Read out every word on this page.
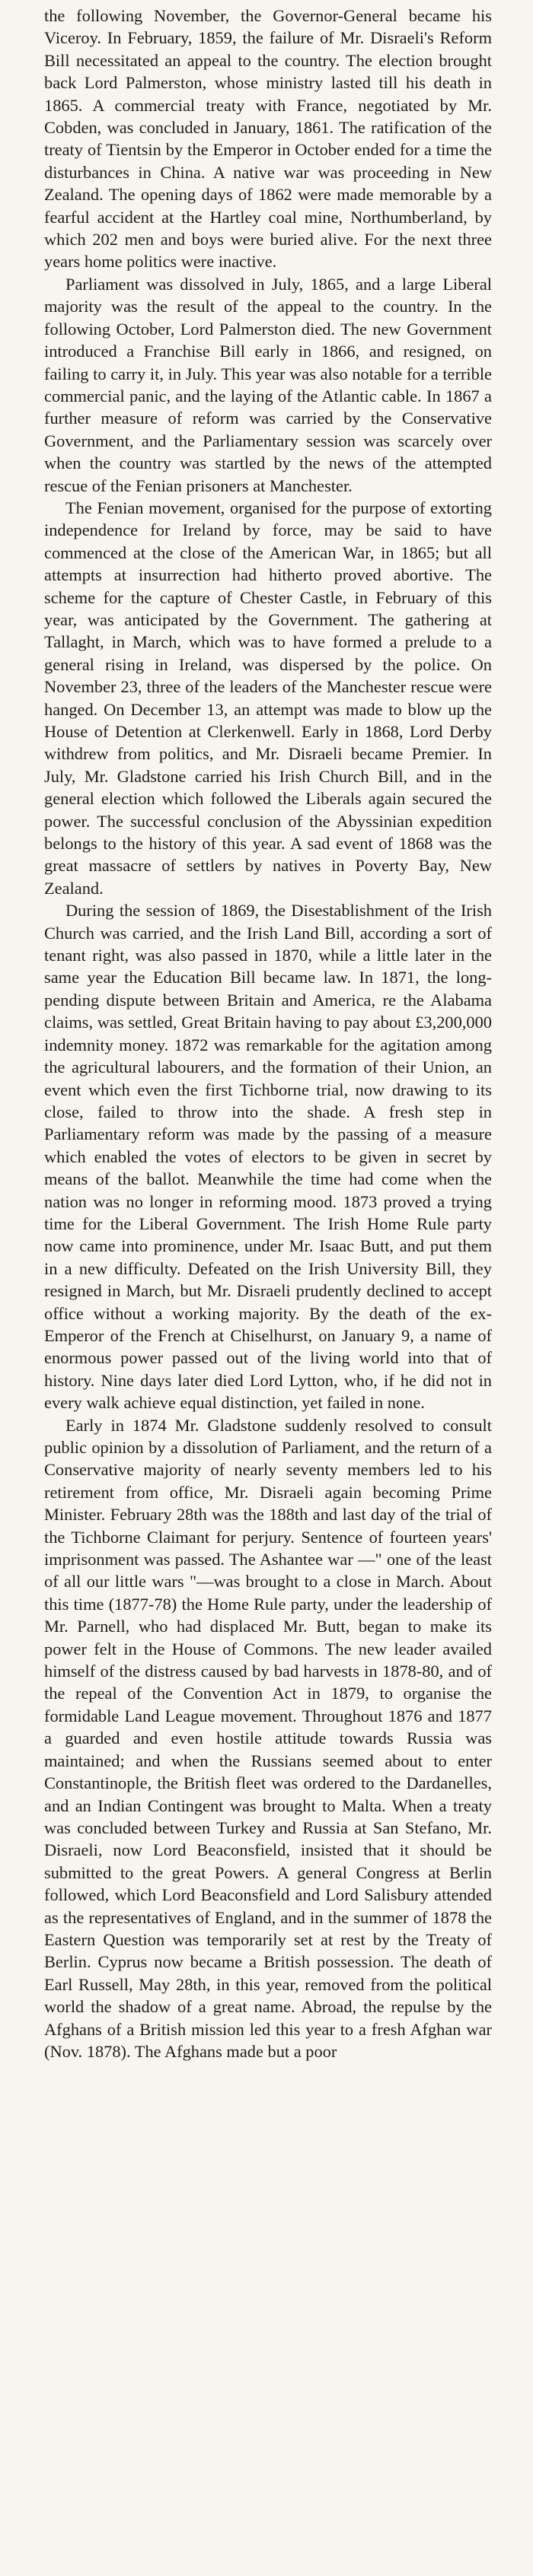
the following November, the Governor-General became his Viceroy. In February, 1859, the failure of Mr. Disraeli's Reform Bill necessitated an appeal to the country. The election brought back Lord Palmerston, whose ministry lasted till his death in 1865. A commercial treaty with France, negotiated by Mr. Cobden, was concluded in January, 1861. The ratification of the treaty of Tientsin by the Emperor in October ended for a time the disturbances in China. A native war was proceeding in New Zealand. The opening days of 1862 were made memorable by a fearful accident at the Hartley coal mine, Northumberland, by which 202 men and boys were buried alive. For the next three years home politics were inactive.

Parliament was dissolved in July, 1865, and a large Liberal majority was the result of the appeal to the country. In the following October, Lord Palmerston died. The new Government introduced a Franchise Bill early in 1866, and resigned, on failing to carry it, in July. This year was also notable for a terrible commercial panic, and the laying of the Atlantic cable. In 1867 a further measure of reform was carried by the Conservative Government, and the Parliamentary session was scarcely over when the country was startled by the news of the attempted rescue of the Fenian prisoners at Manchester.

The Fenian movement, organised for the purpose of extorting independence for Ireland by force, may be said to have commenced at the close of the American War, in 1865; but all attempts at insurrection had hitherto proved abortive. The scheme for the capture of Chester Castle, in February of this year, was anticipated by the Government. The gathering at Tallaght, in March, which was to have formed a prelude to a general rising in Ireland, was dispersed by the police. On November 23, three of the leaders of the Manchester rescue were hanged. On December 13, an attempt was made to blow up the House of Detention at Clerkenwell. Early in 1868, Lord Derby withdrew from politics, and Mr. Disraeli became Premier. In July, Mr. Gladstone carried his Irish Church Bill, and in the general election which followed the Liberals again secured the power. The successful conclusion of the Abyssinian expedition belongs to the history of this year. A sad event of 1868 was the great massacre of settlers by natives in Poverty Bay, New Zealand.

During the session of 1869, the Disestablishment of the Irish Church was carried, and the Irish Land Bill, according a sort of tenant right, was also passed in 1870, while a little later in the same year the Education Bill became law. In 1871, the long-pending dispute between Britain and America, re the Alabama claims, was settled, Great Britain having to pay about £3,200,000 indemnity money. 1872 was remarkable for the agitation among the agricultural labourers, and the formation of their Union, an event which even the first Tichborne trial, now drawing to its close, failed to throw into the shade. A fresh step in Parliamentary reform was made by the passing of a measure which enabled the votes of electors to be given in secret by means of the ballot. Meanwhile the time had come when the nation was no longer in reforming mood. 1873 proved a trying time for the Liberal Government. The Irish Home Rule party now came into prominence, under Mr. Isaac Butt, and put them in a new difficulty. Defeated on the Irish University Bill, they resigned in March, but Mr. Disraeli prudently declined to accept office without a working majority. By the death of the ex-Emperor of the French at Chiselhurst, on January 9, a name of enormous power passed out of the living world into that of history. Nine days later died Lord Lytton, who, if he did not in every walk achieve equal distinction, yet failed in none.

Early in 1874 Mr. Gladstone suddenly resolved to consult public opinion by a dissolution of Parliament, and the return of a Conservative majority of nearly seventy members led to his retirement from office, Mr. Disraeli again becoming Prime Minister. February 28th was the 188th and last day of the trial of the Tichborne Claimant for perjury. Sentence of fourteen years' imprisonment was passed. The Ashantee war —" one of the least of all our little wars "—was brought to a close in March. About this time (1877-78) the Home Rule party, under the leadership of Mr. Parnell, who had displaced Mr. Butt, began to make its power felt in the House of Commons. The new leader availed himself of the distress caused by bad harvests in 1878-80, and of the repeal of the Convention Act in 1879, to organise the formidable Land League movement. Throughout 1876 and 1877 a guarded and even hostile attitude towards Russia was maintained; and when the Russians seemed about to enter Constantinople, the British fleet was ordered to the Dardanelles, and an Indian Contingent was brought to Malta. When a treaty was concluded between Turkey and Russia at San Stefano, Mr. Disraeli, now Lord Beaconsfield, insisted that it should be submitted to the great Powers. A general Congress at Berlin followed, which Lord Beaconsfield and Lord Salisbury attended as the representatives of England, and in the summer of 1878 the Eastern Question was temporarily set at rest by the Treaty of Berlin. Cyprus now became a British possession. The death of Earl Russell, May 28th, in this year, removed from the political world the shadow of a great name. Abroad, the repulse by the Afghans of a British mission led this year to a fresh Afghan war (Nov. 1878). The Afghans made but a poor
